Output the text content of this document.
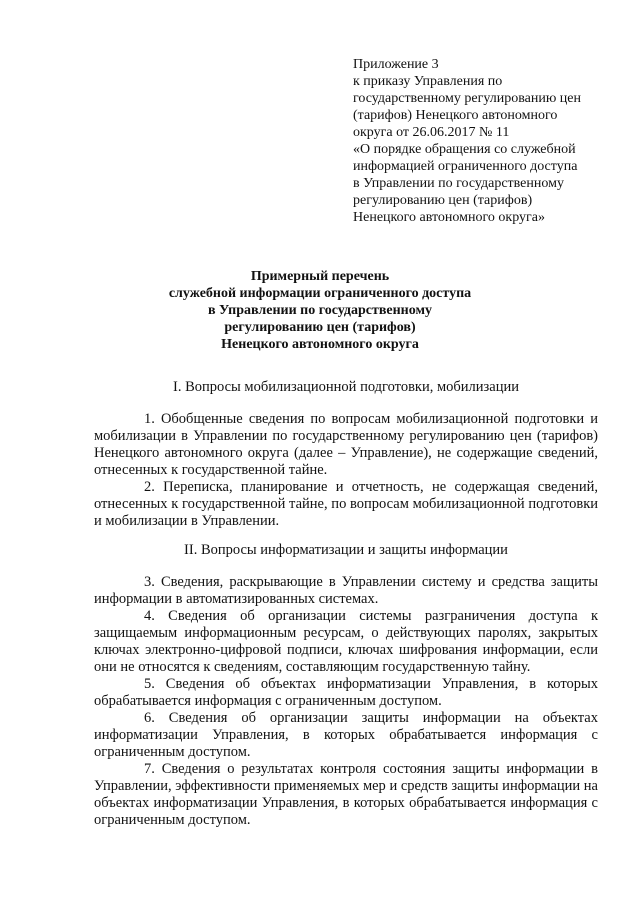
Приложение 3
к приказу Управления по
государственному регулированию цен
(тарифов) Ненецкого автономного
округа от 26.06.2017 № 11
«О порядке обращения со служебной
информацией ограниченного доступа
в Управлении по государственному
регулированию цен (тарифов)
Ненецкого автономного округа»
Примерный перечень
служебной информации ограниченного доступа
в Управлении по государственному
регулированию цен (тарифов)
Ненецкого автономного округа
I. Вопросы мобилизационной подготовки, мобилизации

1. Обобщенные сведения по вопросам мобилизационной подготовки и мобилизации в Управлении по государственному регулированию цен (тарифов) Ненецкого автономного округа (далее – Управление), не содержащие сведений, отнесенных к государственной тайне.

2. Переписка, планирование и отчетность, не содержащая сведений, отнесенных к государственной тайне, по вопросам мобилизационной подготовки и мобилизации в Управлении.

II. Вопросы информатизации и защиты информации

3. Сведения, раскрывающие в Управлении систему и средства защиты информации в автоматизированных системах.

4. Сведения об организации системы разграничения доступа к защищаемым информационным ресурсам, о действующих паролях, закрытых ключах электронно-цифровой подписи, ключах шифрования информации, если они не относятся к сведениям, составляющим государственную тайну.

5. Сведения об объектах информатизации Управления, в которых обрабатывается информация с ограниченным доступом.

6. Сведения об организации защиты информации на объектах информатизации Управления, в которых обрабатывается информация с ограниченным доступом.

7. Сведения о результатах контроля состояния защиты информации в Управлении, эффективности применяемых мер и средств защиты информации на объектах информатизации Управления, в которых обрабатывается информация с ограниченным доступом.
